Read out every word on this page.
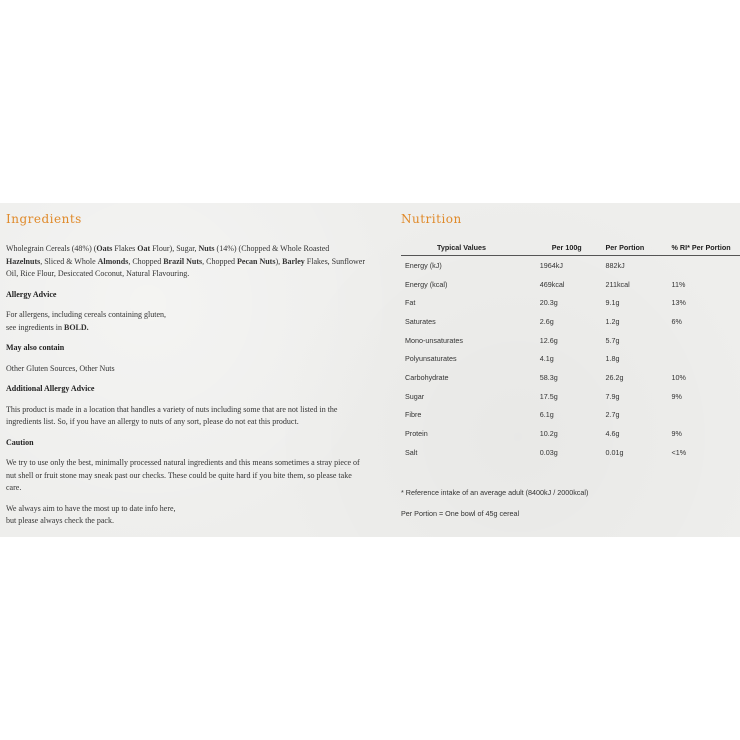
Ingredients

Wholegrain Cereals (48%) (Oats Flakes Oat Flour), Sugar, Nuts (14%) (Chopped & Whole Roasted Hazelnuts, Sliced & Whole Almonds, Chopped Brazil Nuts, Chopped Pecan Nuts), Barley Flakes, Sunflower Oil, Rice Flour, Desiccated Coconut, Natural Flavouring.

Allergy Advice

For allergens, including cereals containing gluten,
see ingredients in BOLD.

May also contain

Other Gluten Sources, Other Nuts

Additional Allergy Advice

This product is made in a location that handles a variety of nuts including some that are not listed in the ingredients list. So, if you have an allergy to nuts of any sort, please do not eat this product.

Caution

We try to use only the best, minimally processed natural ingredients and this means sometimes a stray piece of nut shell or fruit stone may sneak past our checks. These could be quite hard if you bite them, so please take care.

We always aim to have the most up to date info here,
but please always check the pack.

Nutrition
Typical Values	Per 100g	Per Portion	% RI* Per Portion
Energy (kJ)	1964kJ	882kJ	
Energy (kcal)	469kcal	211kcal	11%
Fat	20.3g	9.1g	13%
Saturates	2.6g	1.2g	6%
Mono-unsaturates	12.6g	5.7g	
Polyunsaturates	4.1g	1.8g	
Carbohydrate	58.3g	26.2g	10%
Sugar	17.5g	7.9g	9%
Fibre	6.1g	2.7g	
Protein	10.2g	4.6g	9%
Salt	0.03g	0.01g	<1%
* Reference intake of an average adult (8400kJ / 2000kcal)
Per Portion = One bowl of 45g cereal
